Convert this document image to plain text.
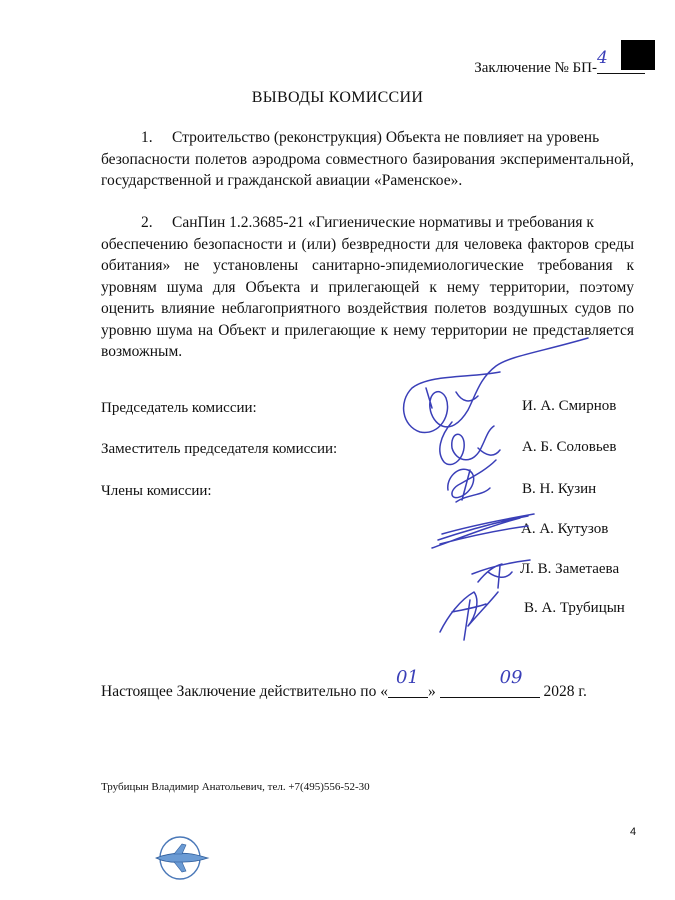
Заключение № БП- 4
ВЫВОДЫ КОМИССИИ
1.     Строительство (реконструкция) Объекта не повлияет на уровень
безопасности полетов аэродрома совместного базирования экспериментальной, государственной и гражданской авиации «Раменское».
2.     СанПин 1.2.3685-21 «Гигиенические нормативы и требования к
обеспечению безопасности и (или) безвредности для человека факторов среды обитания» не установлены санитарно-эпидемиологические требования к уровням шума для Объекта и прилегающей к нему территории, поэтому оценить влияние неблагоприятного воздействия полетов воздушных судов по уровню шума на Объект и прилегающие к нему территории не представляется возможным.
Председатель комиссии:	И. А. Смирнов
Заместитель председателя комиссии:	А. Б. Соловьев
Члены комиссии:	В. Н. Кузин
А. А. Кутузов
Л. В. Заметаева
В. А. Трубицын
Настоящее Заключение действительно по «
01
»
09
2028 г.
Трубицын Владимир Анатольевич, тел. +7(495)556-52-30
4
